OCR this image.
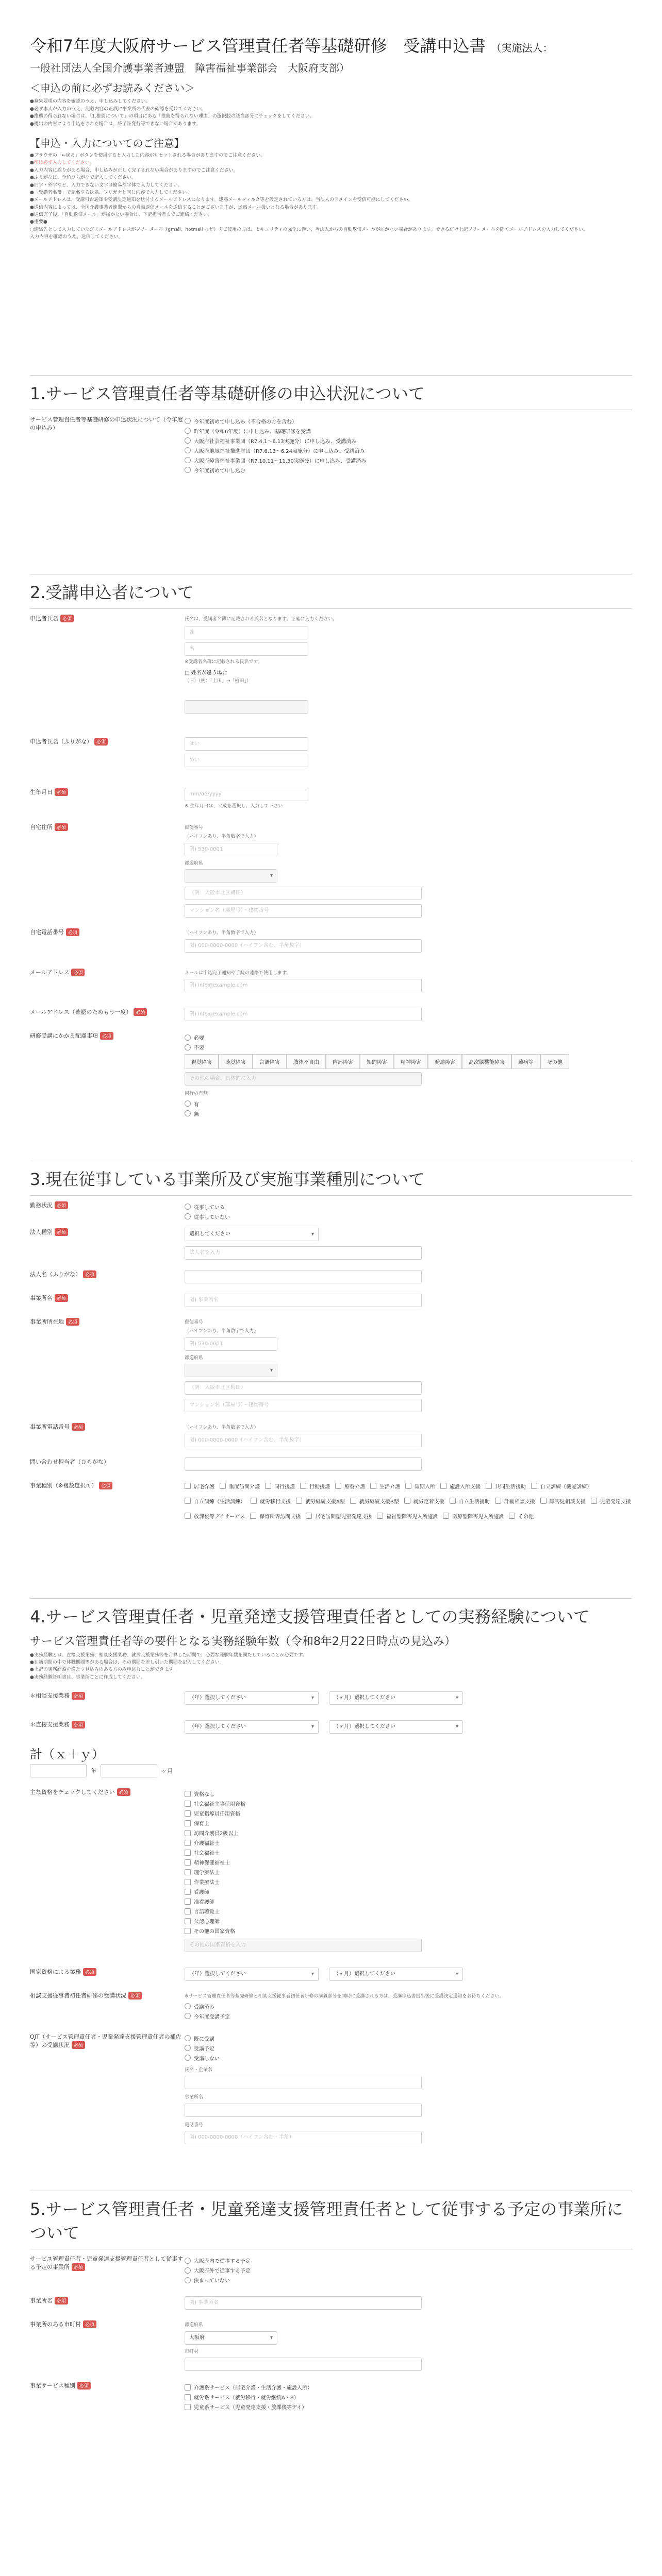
令和7年度大阪府サービス管理責任者等基礎研修　受講申込書 （実施法人：
一般社団法人全国介護事業者連盟　障害福祉事業部会　大阪府支部）
＜申込の前に必ずお読みください＞
●募集要項の内容を確認のうえ、申し込みしてください。
●必ず本人が入力のうえ、記載内容の正誤に事業所の代表の確認を受けてください。
●推薦の得られない場合は、「1.推薦について」の項目にある「推薦を得られない理由」の選択肢の該当部分にチェックをしてください。
●提出の内容により申込をされた場合は、終了証発行等できない場合があります。
【申込・入力についてのご注意】
●ブラウザの「←戻る」ボタンを使用すると入力した内容がリセットされる場合がありますのでご注意ください。
●印は必ず入力してください。
●入力内容に誤りがある場合、申し込みが正しく完了されない場合がありますのでご注意ください。
●ふりがなは、全角ひらがなで記入してください。
●旧字・外字など、入力できない文字は簡易な字体で入力してください。
●「受講者名簿」で記名する氏名、フリガナと同じ内容で入力してください。
●メールアドレスは、受講可否通知や受講決定通知を送付するメールアドレスになります。迷惑メールフィルタ等を設定されている方は、当法人のドメインを受信可能にしてください。
●送信内容によっては、全国介護事業者連盟からの自動返信メールを送信することがございますが、迷惑メール扱いとなる場合があります。
●送信完了後、「自動返信メール」が届かない場合は、下記担当者までご連絡ください。
●重要●
○連絡先として入力していただくメールアドレスがフリーメール（gmail、hotmail など）をご使用の方は、セキュリティの強化に伴い、当法人からの自動返信メールが届かない場合があります。できるだけ上記フリーメールを除くメールアドレスを入力してください。
入力内容を確認のうえ、送信してください。
1.サービス管理責任者等基礎研修の申込状況について
サービス管理責任者等基礎研修の申込状況について（今年度の申込み）
今年度初めて申し込み（不合格の方を含む）
昨年度（令和6年度）に申し込み、基礎研修を受講
大阪府社会福祉事業団（R7.4.1〜6.13実施分）に申し込み、受講済み
大阪府地域福祉推進財団（R7.6.13〜6.24実施分）に申し込み、受講済み
大阪府障害福祉事業団（R7.10.11〜11.30実施分）に申し込み、受講済み
今年度初めて申し込む
2.受講申込者について
申込者氏名 必須	氏名は、受講者名簿に記載される氏名となります。正確に入力ください。
姓
名
※受講者名簿に記載される氏名です。
□ 姓名が違う場合
（旧）（例：「上田」→「植田」）
申込者氏名（ふりがな） 必須	せい
めい
生年月日 必須	mm/dd/yyyy
※ 生年月日は、平成を選択し、入力して下さい
自宅住所 必須	郵便番号
（ハイフンあり、半角数字で入力）
例) 530-0001
都道府県
▾
（例：大阪市北区梅田）
マンション名（部屋号）・建物番号
自宅電話番号 必須	（ハイフンあり、半角数字で入力）
例) 000-0000-0000（ハイフン含む、半角数字）
メールアドレス 必須	メールは申込完了通知や手続の連絡で使用します。
例) info@example.com
メールアドレス（確認のためもう一度） 必須	例) info@example.com
研修受講にかかる配慮事項 必須	必要
不要
視覚障害	聴覚障害	言語障害	肢体不自由	内部障害	知的障害	精神障害	発達障害	高次脳機能障害	難病等	その他
その他の場合、具体的に入力
同行の有無
有
無
3.現在従事している事業所及び実施事業種別について
勤務状況 必須	従事している
従事していない
法人種別 必須	選択してください ▾
法人名を入力
法人名（ふりがな） 必須
事業所名 必須	例) 事業所名
事業所所在地 必須	郵便番号
（ハイフンあり、半角数字で入力）
例) 530-0001
都道府県
▾
（例：大阪市北区梅田）
マンション名（部屋号）・建物番号
事業所電話番号 必須	（ハイフンあり、半角数字で入力）
例) 000-0000-0000（ハイフン含む、半角数字）
問い合わせ担当者（ひらがな）
事業種別（※複数選択可） 必須	居宅介護	重度訪問介護	同行援護	行動援護	療養介護	生活介護	短期入所	施設入所支援	共同生活援助	自立訓練（機能訓練）
自立訓練（生活訓練）	就労移行支援	就労継続支援A型	就労継続支援B型	就労定着支援	自立生活援助	計画相談支援	障害児相談支援	児童発達支援
放課後等デイサービス	保育所等訪問支援	居宅訪問型児童発達支援	福祉型障害児入所施設	医療型障害児入所施設	その他
4.サービス管理責任者・児童発達支援管理責任者としての実務経験について
サービス管理責任者等の要件となる実務経験年数（令和8年2月22日時点の見込み）
●実務経験とは、直接支援業務、相談支援業務、就労支援業務等を合算した期間で、必要な経験年数を満たしていることが必要です。
●在籍期間の中で休職期間等がある場合は、その期間を差し引いた期間を記入してください。
●上記の実務経験を満たす見込みのある方のみ申込むことができます。
●実務経験証明書は、事業所ごとに作成してください。
＊相談支援業務 必須	（年）選択してください ▾	（ヶ月）選択してください ▾
＊直接支援業務 必須	（年）選択してください ▾	（ヶ月）選択してください ▾
計（ｘ＋ｙ）
年	ヶ月
主な資格をチェックしてください 必須	資格なし
社会福祉主事任用資格
児童指導員任用資格
保育士
訪問介護員2級以上
介護福祉士
社会福祉士
精神保健福祉士
理学療法士
作業療法士
看護師
准看護師
言語聴覚士
公認心理師
その他の国家資格
その他の国家資格を入力
国家資格による業務 必須	（年）選択してください ▾	（ヶ月）選択してください ▾
相談支援従事者初任者研修の受講状況 必須	※サービス管理責任者等基礎研修と相談支援従事者初任者研修の講義部分を同時に受講される方は、受講申込書提出後に受講決定通知をお待ちください。
受講済み
今年度受講予定
OJT（サービス管理責任者・児童発達支援管理責任者の補佐等）の受講状況 必須
既に受講
受講予定
受講しない
氏名・企業名
事業所名
電話番号
例) 000-0000-0000（ハイフン含む・半角）
5.サービス管理責任者・児童発達支援管理責任者として従事する予定の事業所について
サービス管理責任者・児童発達支援管理責任者として従事する予定の事業所 必須
大阪府内で従事する予定
大阪府外で従事する予定
決まっていない
事業所名 必須	例) 事業所名
事業所のある市町村 必須	都道府県
大阪府 ▾
市町村
事業サービス種別 必須	介護系サービス（居宅介護・生活介護・施設入所）
就労系サービス（就労移行・就労継続A・B）
児童系サービス（児童発達支援・放課後等デイ）
